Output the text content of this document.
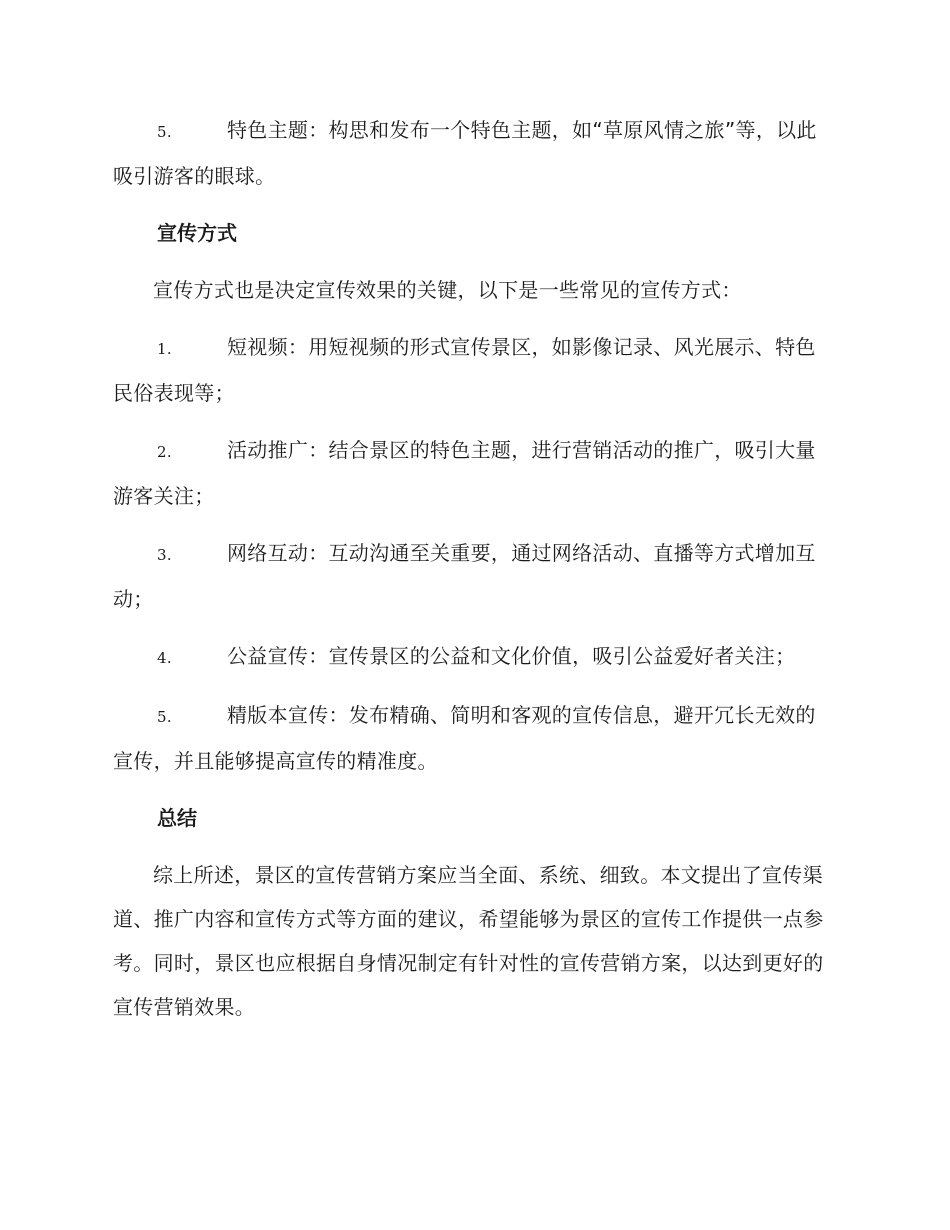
5.	特色主题：构思和发布一个特色主题，如“草原风情之旅”等，以此吸引游客的眼球。

宣传方式

宣传方式也是决定宣传效果的关键，以下是一些常见的宣传方式：

1.	短视频：用短视频的形式宣传景区，如影像记录、风光展示、特色民俗表现等；

2.	活动推广：结合景区的特色主题，进行营销活动的推广，吸引大量游客关注；

3.	网络互动：互动沟通至关重要，通过网络活动、直播等方式增加互动；

4.	公益宣传：宣传景区的公益和文化价值，吸引公益爱好者关注；

5.	精版本宣传：发布精确、简明和客观的宣传信息，避开冗长无效的宣传，并且能够提高宣传的精准度。

总结

综上所述，景区的宣传营销方案应当全面、系统、细致。本文提出了宣传渠道、推广内容和宣传方式等方面的建议，希望能够为景区的宣传工作提供一点参考。同时，景区也应根据自身情况制定有针对性的宣传营销方案，以达到更好的宣传营销效果。
